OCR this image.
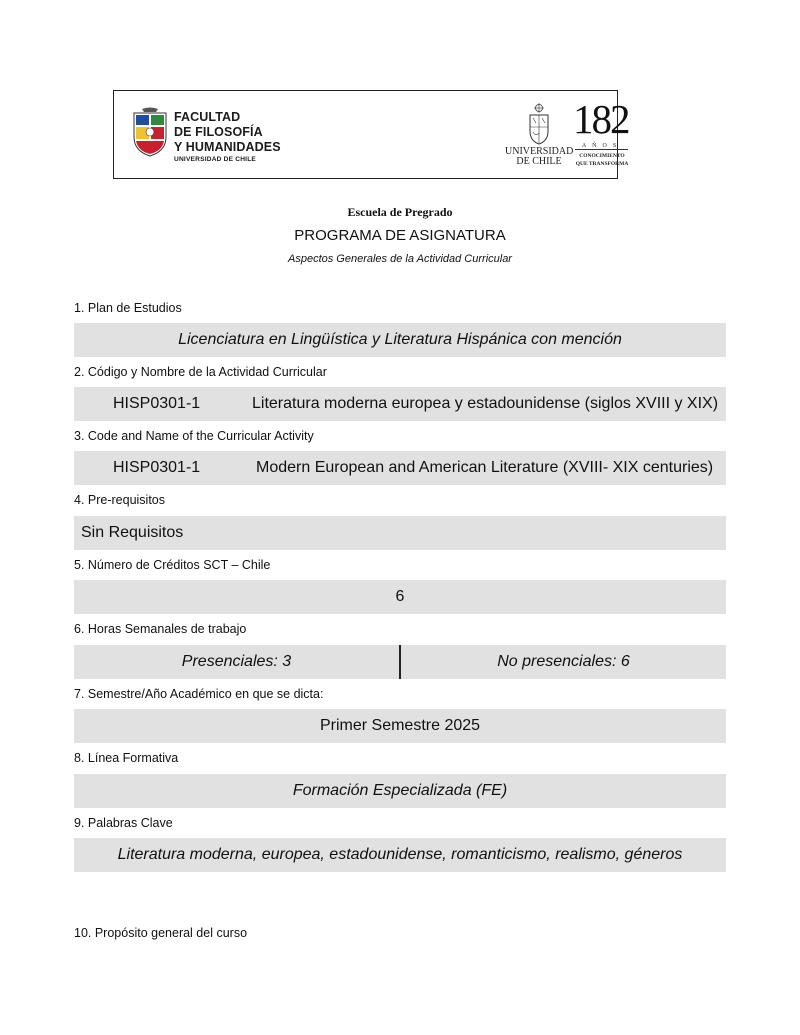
FACULTAD
DE FILOSOFÍA
Y HUMANIDADES
UNIVERSIDAD DE CHILE
UNIVERSIDAD
DE CHILE
182
AÑOS
CONOCIMIENTO
QUE TRANSFORMA
Escuela de Pregrado
PROGRAMA DE ASIGNATURA
Aspectos Generales de la Actividad Curricular
1. Plan de Estudios
Licenciatura en Lingüística y Literatura Hispánica con mención
2. Código y Nombre de la Actividad Curricular
HISP0301-1	Literatura moderna europea y estadounidense (siglos XVIII y XIX)
3. Code and Name of the Curricular Activity
HISP0301-1	Modern European and American Literature (XVIII- XIX centuries)
4. Pre-requisitos
Sin Requisitos
5. Número de Créditos SCT – Chile
6
6. Horas Semanales de trabajo
Presenciales: 3	No presenciales: 6
7. Semestre/Año Académico en que se dicta:
Primer Semestre 2025
8. Línea Formativa
Formación Especializada (FE)
9. Palabras Clave
Literatura moderna, europea, estadounidense, romanticismo, realismo, géneros
10. Propósito general del curso
